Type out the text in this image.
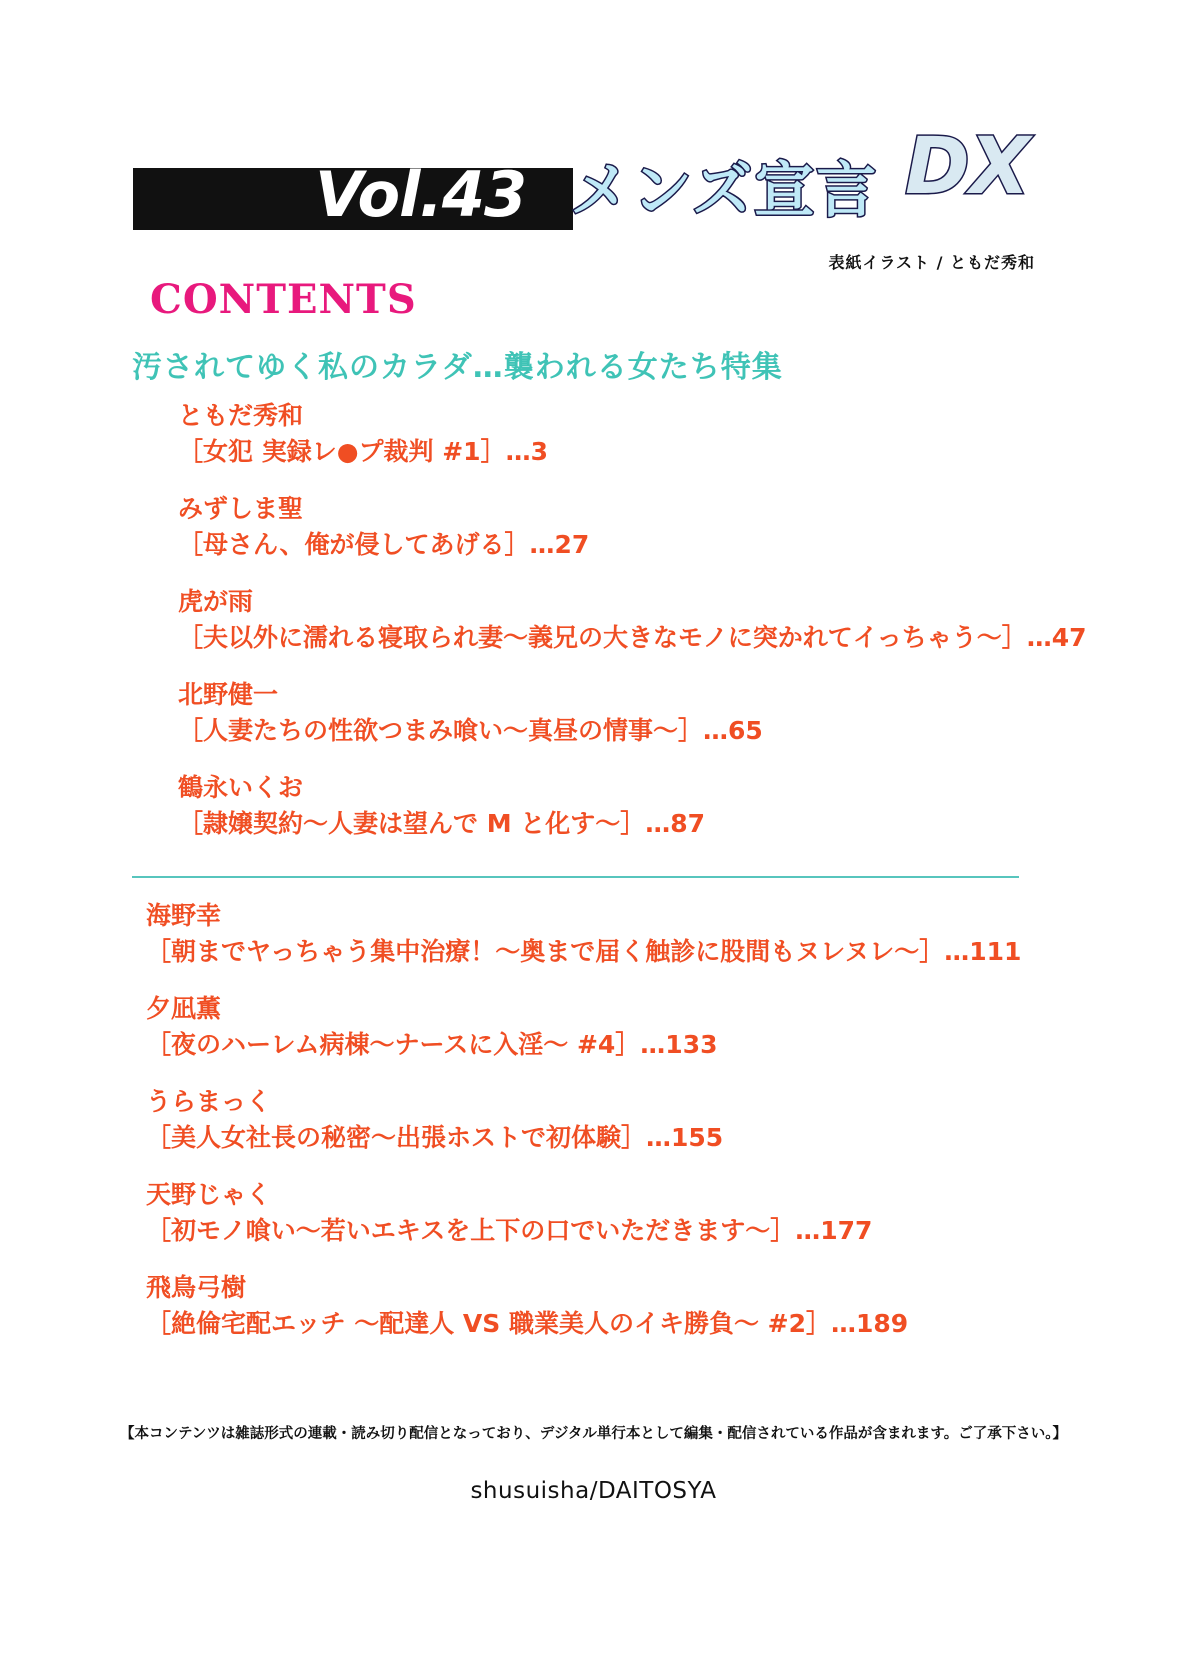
Vol.43 メンズ宣言 DX
表紙イラスト / ともだ秀和
CONTENTS
汚されてゆく私のカラダ…襲われる女たち特集
ともだ秀和
［女犯 実録レ●プ裁判 #1］…3
みずしま聖
［母さん、俺が侵してあげる］…27
虎が雨
［夫以外に濡れる寝取られ妻〜義兄の大きなモノに突かれてイっちゃう〜］…47
北野健一
［人妻たちの性欲つまみ喰い〜真昼の情事〜］…65
鶴永いくお
［隷嬢契約〜人妻は望んで M と化す〜］…87
海野幸
［朝までヤっちゃう集中治療！〜奥まで届く触診に股間もヌレヌレ〜］…111
夕凪薫
［夜のハーレム病棟〜ナースに入淫〜 #4］…133
うらまっく
［美人女社長の秘密〜出張ホストで初体験］…155
天野じゃく
［初モノ喰い〜若いエキスを上下の口でいただきます〜］…177
飛鳥弓樹
［絶倫宅配エッチ 〜配達人 VS 職業美人のイキ勝負〜 #2］…189
【本コンテンツは雑誌形式の連載・読み切り配信となっており、デジタル単行本として編集・配信されている作品が含まれます。ご了承下さい。】
shusuisha/DAITOSYA
